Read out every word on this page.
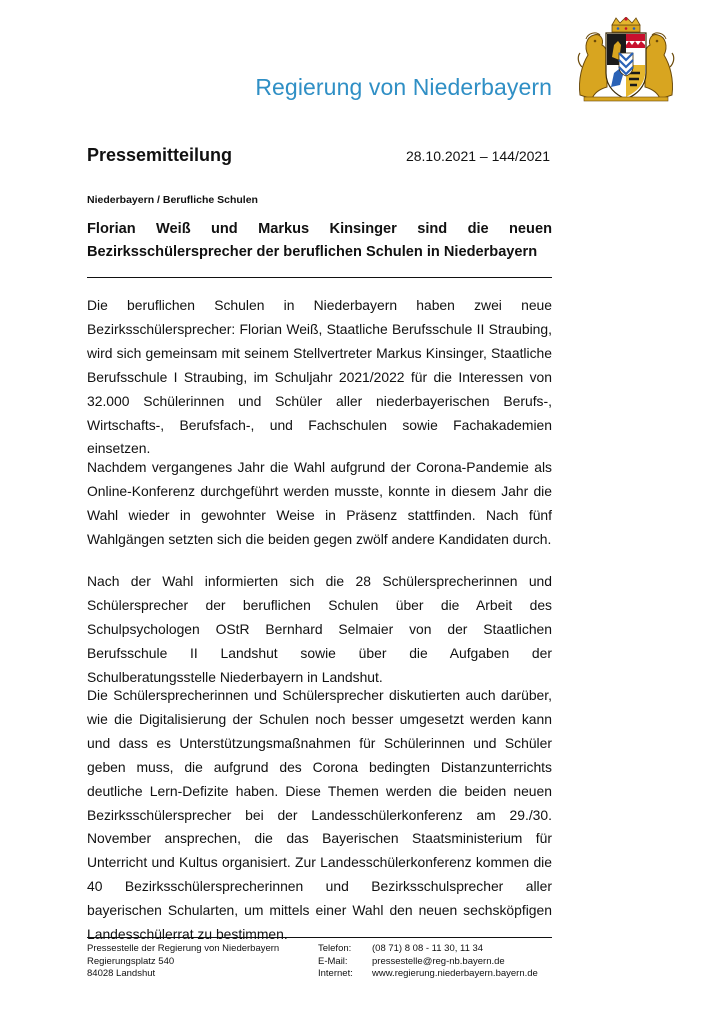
Regierung von Niederbayern
Pressemitteilung	28.10.2021 – 144/2021
Niederbayern / Berufliche Schulen
Florian Weiß und Markus Kinsinger sind die neuen
Bezirksschülersprecher der beruflichen Schulen in Niederbayern

Die beruflichen Schulen in Niederbayern haben zwei neue Bezirksschülersprecher: Florian Weiß, Staatliche Berufsschule II Straubing, wird sich gemeinsam mit seinem Stellvertreter Markus Kinsinger, Staatliche Berufsschule I Straubing, im Schuljahr 2021/2022 für die Interessen von 32.000 Schülerinnen und Schüler aller niederbayerischen Berufs-, Wirtschafts-, Berufsfach-, und Fachschulen sowie Fachakademien einsetzen.

Nachdem vergangenes Jahr die Wahl aufgrund der Corona-Pandemie als Online-Konferenz durchgeführt werden musste, konnte in diesem Jahr die Wahl wieder in gewohnter Weise in Präsenz stattfinden. Nach fünf Wahlgängen setzten sich die beiden gegen zwölf andere Kandidaten durch.

Nach der Wahl informierten sich die 28 Schülersprecherinnen und Schülersprecher der beruflichen Schulen über die Arbeit des Schulpsychologen OStR Bernhard Selmaier von der Staatlichen Berufsschule II Landshut sowie über die Aufgaben der Schulberatungsstelle Niederbayern in Landshut.

Die Schülersprecherinnen und Schülersprecher diskutierten auch darüber, wie die Digitalisierung der Schulen noch besser umgesetzt werden kann und dass es Unterstützungsmaßnahmen für Schülerinnen und Schüler geben muss, die aufgrund des Corona bedingten Distanzunterrichts deutliche Lern-Defizite haben. Diese Themen werden die beiden neuen Bezirksschülersprecher bei der Landesschülerkonferenz am 29./30. November ansprechen, die das Bayerischen Staatsministerium für Unterricht und Kultus organisiert. Zur Landesschülerkonferenz kommen die 40 Bezirksschülersprecherinnen und Bezirksschulsprecher aller bayerischen Schularten, um mittels einer Wahl den neuen sechsköpfigen Landesschülerrat zu bestimmen.

Pressestelle der Regierung von Niederbayern
Regierungsplatz 540
84028 Landshut
Telefon:
E-Mail:
Internet:
(08 71) 8 08 - 11 30, 11 34
pressestelle@reg-nb.bayern.de
www.regierung.niederbayern.bayern.de
